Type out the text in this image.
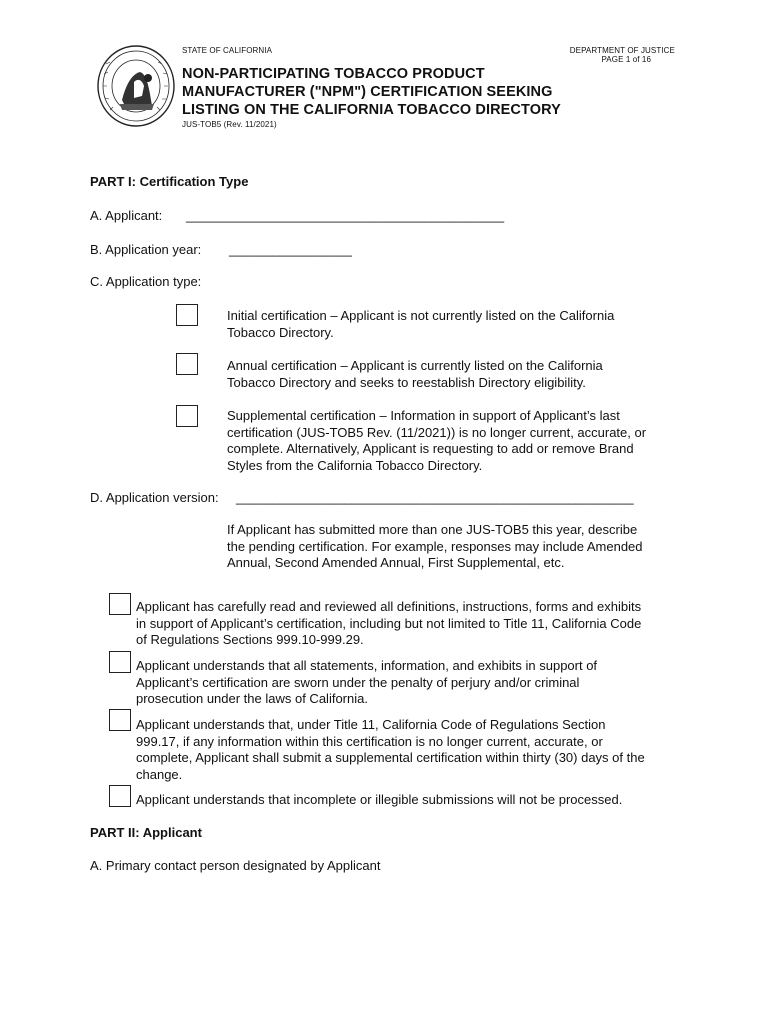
STATE OF CALIFORNIA	DEPARTMENT OF JUSTICE
PAGE 1 of 16
NON-PARTICIPATING TOBACCO PRODUCT
MANUFACTURER ("NPM") CERTIFICATION SEEKING
LISTING ON THE CALIFORNIA TOBACCO DIRECTORY
JUS-TOB5 (Rev. 11/2021)
PART I: Certification Type
A. Applicant: ____________________________________________
B. Application year: _________________
C. Application type:
Initial certification – Applicant is not currently listed on the California
Tobacco Directory.
Annual certification – Applicant is currently listed on the California
Tobacco Directory and seeks to reestablish Directory eligibility.
Supplemental certification – Information in support of Applicant’s last
certification (JUS-TOB5 Rev. (11/2021)) is no longer current, accurate, or
complete. Alternatively, Applicant is requesting to add or remove Brand
Styles from the California Tobacco Directory.
D. Application version: _______________________________________________________
If Applicant has submitted more than one JUS-TOB5 this year, describe
the pending certification. For example, responses may include Amended
Annual, Second Amended Annual, First Supplemental, etc.
Applicant has carefully read and reviewed all definitions, instructions, forms and exhibits
in support of Applicant’s certification, including but not limited to Title 11, California Code
of Regulations Sections 999.10-999.29.
Applicant understands that all statements, information, and exhibits in support of
Applicant’s certification are sworn under the penalty of perjury and/or criminal
prosecution under the laws of California.
Applicant understands that, under Title 11, California Code of Regulations Section
999.17, if any information within this certification is no longer current, accurate, or
complete, Applicant shall submit a supplemental certification within thirty (30) days of the
change.
Applicant understands that incomplete or illegible submissions will not be processed.
PART II: Applicant
A. Primary contact person designated by Applicant
